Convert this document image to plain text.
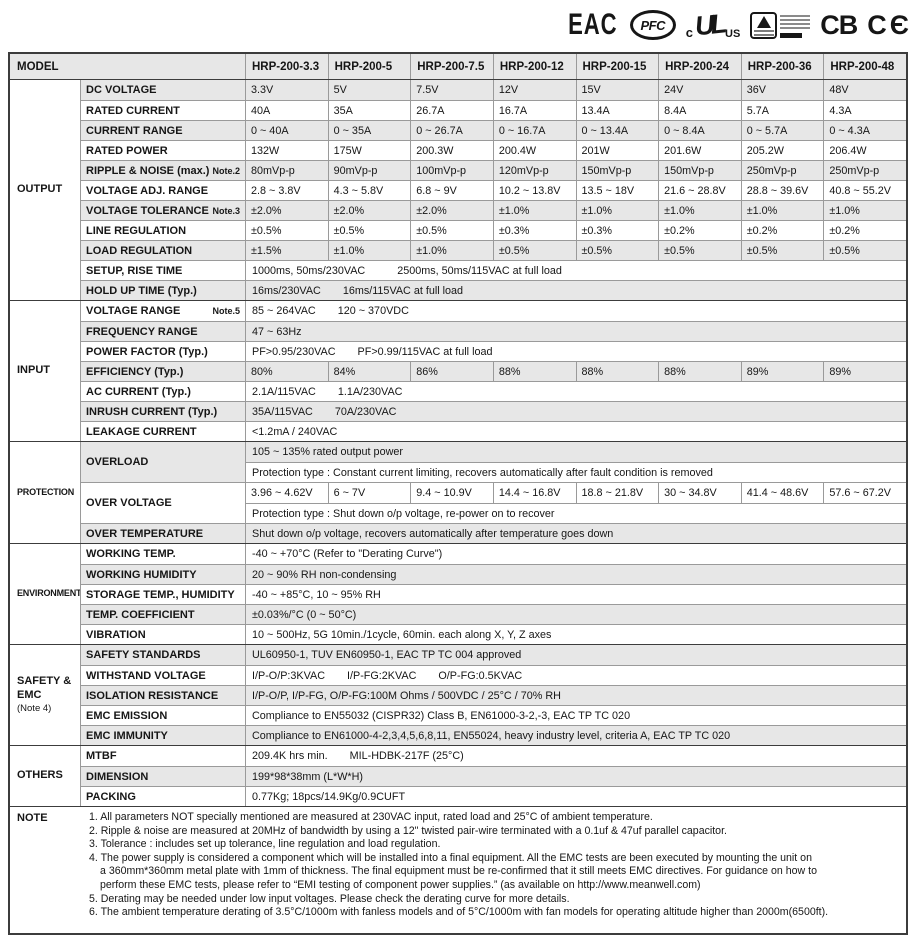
EAC	PFC	c UL US	CB CЄ
MODEL	HRP-200-3.3	HRP-200-5	HRP-200-7.5	HRP-200-12	HRP-200-15	HRP-200-24	HRP-200-36	HRP-200-48
OUTPUT
DC VOLTAGE	3.3V	5V	7.5V	12V	15V	24V	36V	48V
RATED CURRENT	40A	35A	26.7A	16.7A	13.4A	8.4A	5.7A	4.3A
CURRENT RANGE	0 ~ 40A	0 ~ 35A	0 ~ 26.7A	0 ~ 16.7A	0 ~ 13.4A	0 ~ 8.4A	0 ~ 5.7A	0 ~ 4.3A
RATED POWER	132W	175W	200.3W	200.4W	201W	201.6W	205.2W	206.4W
RIPPLE & NOISE (max.) Note.2	80mVp-p	90mVp-p	100mVp-p	120mVp-p	150mVp-p	150mVp-p	250mVp-p	250mVp-p
VOLTAGE ADJ. RANGE	2.8 ~ 3.8V	4.3 ~ 5.8V	6.8 ~ 9V	10.2 ~ 13.8V	13.5 ~ 18V	21.6 ~ 28.8V	28.8 ~ 39.6V	40.8 ~ 55.2V
VOLTAGE TOLERANCE Note.3	±2.0%	±2.0%	±2.0%	±1.0%	±1.0%	±1.0%	±1.0%	±1.0%
LINE REGULATION	±0.5%	±0.5%	±0.5%	±0.3%	±0.3%	±0.2%	±0.2%	±0.2%
LOAD REGULATION	±1.5%	±1.0%	±1.0%	±0.5%	±0.5%	±0.5%	±0.5%	±0.5%
SETUP, RISE TIME	1000ms, 50ms/230VAC	2500ms, 50ms/115VAC at full load
HOLD UP TIME (Typ.)	16ms/230VAC 16ms/115VAC at full load
INPUT
VOLTAGE RANGE	Note.5 85 ~ 264VAC 120 ~ 370VDC
FREQUENCY RANGE	47 ~ 63Hz
POWER FACTOR (Typ.)	PF>0.95/230VAC PF>0.99/115VAC at full load
EFFICIENCY (Typ.)	80%	84%	86%	88%	88%	88%	89%	89%
AC CURRENT (Typ.)	2.1A/115VAC 1.1A/230VAC
INRUSH CURRENT (Typ.)	35A/115VAC 70A/230VAC
LEAKAGE CURRENT	<1.2mA / 240VAC
PROTECTION
OVERLOAD
105 ~ 135% rated output power
Protection type : Constant current limiting, recovers automatically after fault condition is removed
OVER VOLTAGE
3.96 ~ 4.62V	6 ~ 7V	9.4 ~ 10.9V	14.4 ~ 16.8V	18.8 ~ 21.8V	30 ~ 34.8V	41.4 ~ 48.6V	57.6 ~ 67.2V
Protection type : Shut down o/p voltage, re-power on to recover
OVER TEMPERATURE	Shut down o/p voltage, recovers automatically after temperature goes down
ENVIRONMENT
WORKING TEMP.	-40 ~ +70°C (Refer to "Derating Curve")
WORKING HUMIDITY	20 ~ 90% RH non-condensing
STORAGE TEMP., HUMIDITY -40 ~ +85°C, 10 ~ 95% RH
TEMP. COEFFICIENT	±0.03%/°C (0 ~ 50°C)
VIBRATION	10 ~ 500Hz, 5G 10min./1cycle, 60min. each along X, Y, Z axes
SAFETY &
EMC
(Note 4)
SAFETY STANDARDS	UL60950-1, TUV EN60950-1, EAC TP TC 004 approved
WITHSTAND VOLTAGE	I/P-O/P:3KVAC I/P-FG:2KVAC O/P-FG:0.5KVAC
ISOLATION RESISTANCE	I/P-O/P, I/P-FG, O/P-FG:100M Ohms / 500VDC / 25°C / 70% RH
EMC EMISSION	Compliance to EN55032 (CISPR32) Class B, EN61000-3-2,-3, EAC TP TC 020
EMC IMMUNITY	Compliance to EN61000-4-2,3,4,5,6,8,11, EN55024, heavy industry level, criteria A, EAC TP TC 020
OTHERS
MTBF	209.4K hrs min. MIL-HDBK-217F (25°C)
DIMENSION	199*98*38mm (L*W*H)
PACKING	0.77Kg; 18pcs/14.9Kg/0.9CUFT
NOTE	1. All parameters NOT specially mentioned are measured at 230VAC input, rated load and 25°C of ambient temperature.
2. Ripple & noise are measured at 20MHz of bandwidth by using a 12" twisted pair-wire terminated with a 0.1uf & 47uf parallel capacitor.
3. Tolerance : includes set up tolerance, line regulation and load regulation.
4. The power supply is considered a component which will be installed into a final equipment. All the EMC tests are been executed by mounting the unit on
a 360mm*360mm metal plate with 1mm of thickness. The final equipment must be re-confirmed that it still meets EMC directives. For guidance on how to
perform these EMC tests, please refer to “EMI testing of component power supplies.” (as available on http://www.meanwell.com)
5. Derating may be needed under low input voltages. Please check the derating curve for more details.
6. The ambient temperature derating of 3.5°C/1000m with fanless models and of 5°C/1000m with fan models for operating altitude higher than 2000m(6500ft).
